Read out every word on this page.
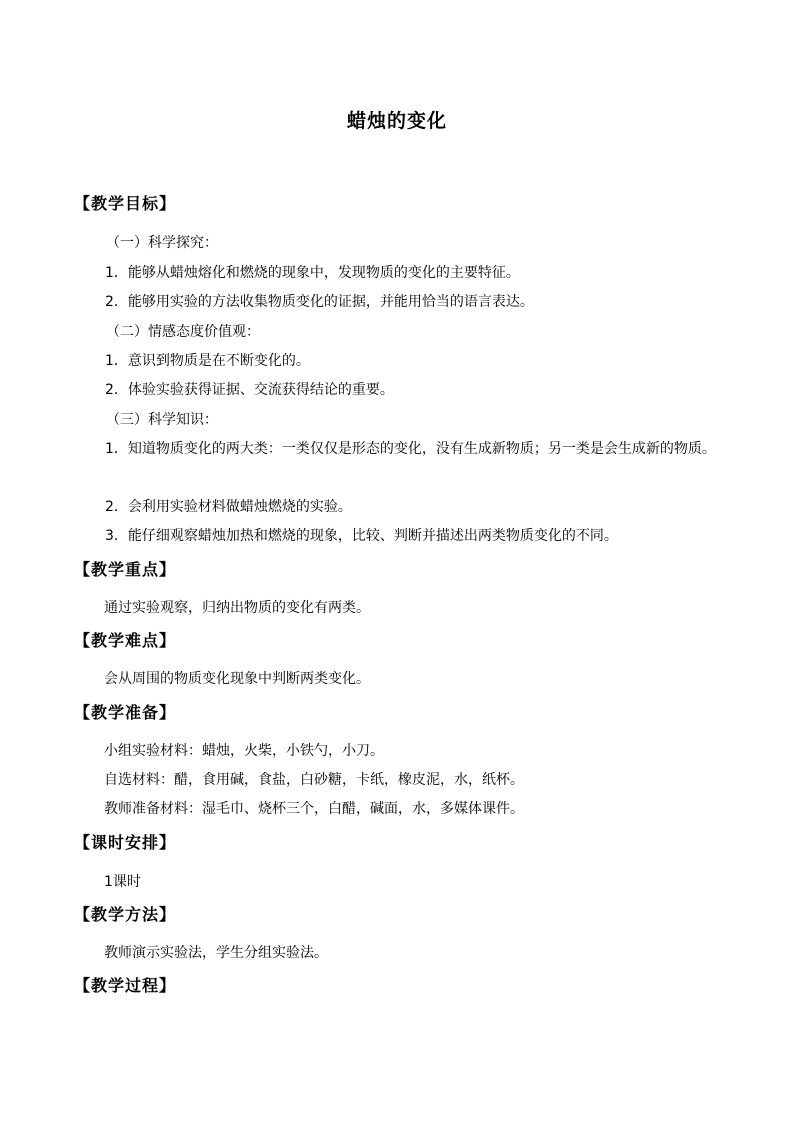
蜡烛的变化
【教学目标】
（一）科学探究：
1．能够从蜡烛熔化和燃烧的现象中，发现物质的变化的主要特征。
2．能够用实验的方法收集物质变化的证据，并能用恰当的语言表达。
（二）情感态度价值观：
1．意识到物质是在不断变化的。
2．体验实验获得证据、交流获得结论的重要。
（三）科学知识：
1．知道物质变化的两大类：一类仅仅是形态的变化，没有生成新物质；另一类是会生成新的物质。
2．会利用实验材料做蜡烛燃烧的实验。
3．能仔细观察蜡烛加热和燃烧的现象，比较、判断并描述出两类物质变化的不同。
【教学重点】
通过实验观察，归纳出物质的变化有两类。
【教学难点】
会从周围的物质变化现象中判断两类变化。
【教学准备】
小组实验材料：蜡烛，火柴，小铁勺，小刀。
自选材料：醋，食用碱，食盐，白砂糖，卡纸，橡皮泥，水，纸杯。
教师准备材料：湿毛巾、烧杯三个，白醋，碱面，水，多媒体课件。
【课时安排】
1课时
【教学方法】
教师演示实验法，学生分组实验法。
【教学过程】
